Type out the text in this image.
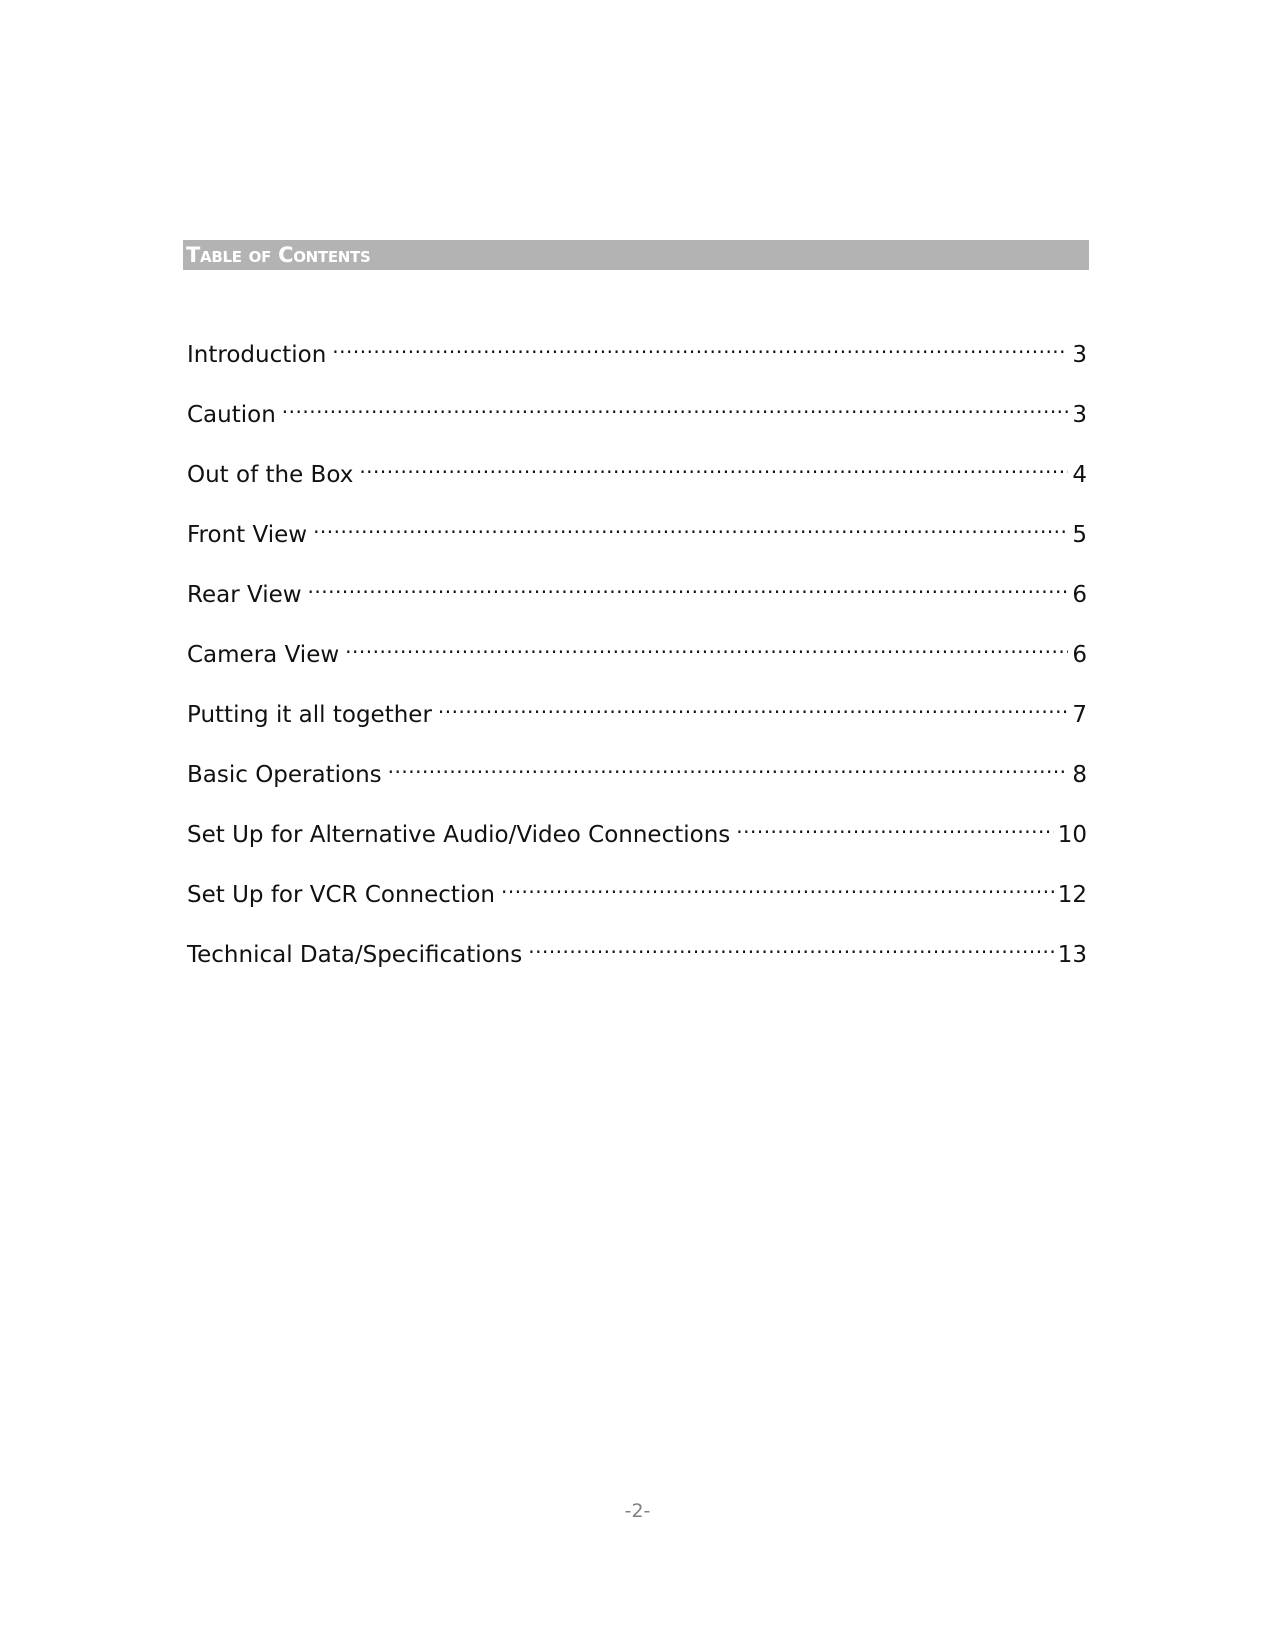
Table of Contents
Introduction .....	3
Caution .....	3
Out of the Box .....	4
Front View .....	5
Rear View .....	6
Camera View .....	6
Putting it all together .....	7
Basic Operations .....	8
Set Up for Alternative Audio/Video Connections .....	10
Set Up for VCR Connection .....	12
Technical Data/Specifications .....	13
-2-
